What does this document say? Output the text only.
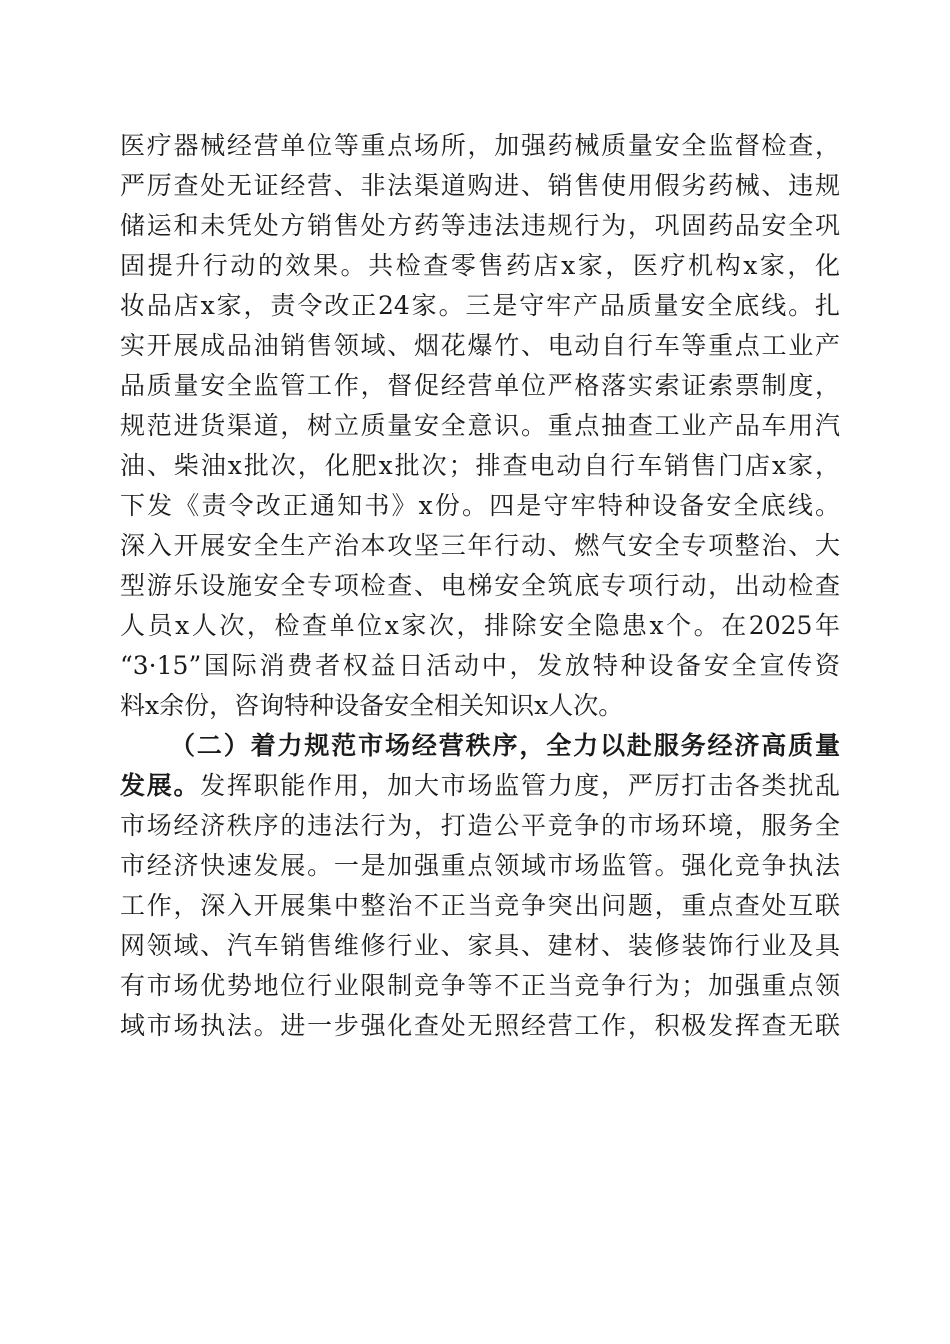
医疗器械经营单位等重点场所，加强药械质量安全监督检查，
严厉查处无证经营、非法渠道购进、销售使用假劣药械、违规
储运和未凭处方销售处方药等违法违规行为，巩固药品安全巩
固提升行动的效果。共检查零售药店x家，医疗机构x家，化
妆品店x家，责令改正24家。三是守牢产品质量安全底线。扎
实开展成品油销售领域、烟花爆竹、电动自行车等重点工业产
品质量安全监管工作，督促经营单位严格落实索证索票制度，
规范进货渠道，树立质量安全意识。重点抽查工业产品车用汽
油、柴油x批次，化肥x批次；排查电动自行车销售门店x家，
下发《责令改正通知书》x份。四是守牢特种设备安全底线。
深入开展安全生产治本攻坚三年行动、燃气安全专项整治、大
型游乐设施安全专项检查、电梯安全筑底专项行动，出动检查
人员x人次，检查单位x家次，排除安全隐患x个。在2025年
“3·15”国际消费者权益日活动中，发放特种设备安全宣传资
料x余份，咨询特种设备安全相关知识x人次。
（二）着力规范市场经营秩序，全力以赴服务经济高质量
发展。发挥职能作用，加大市场监管力度，严厉打击各类扰乱
市场经济秩序的违法行为，打造公平竞争的市场环境，服务全
市经济快速发展。一是加强重点领域市场监管。强化竞争执法
工作，深入开展集中整治不正当竞争突出问题，重点查处互联
网领域、汽车销售维修行业、家具、建材、装修装饰行业及具
有市场优势地位行业限制竞争等不正当竞争行为；加强重点领
域市场执法。进一步强化查处无照经营工作，积极发挥查无联
